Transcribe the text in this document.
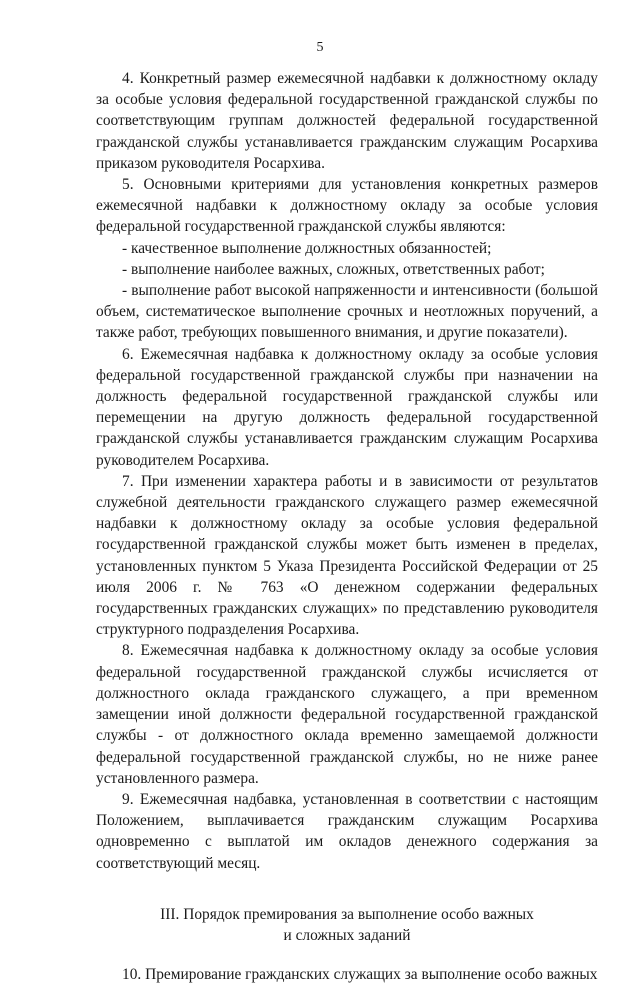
5

4. Конкретный размер ежемесячной надбавки к должностному окладу за особые условия федеральной государственной гражданской службы по соответствующим группам должностей федеральной государственной гражданской службы устанавливается гражданским служащим Росархива приказом руководителя Росархива.

5. Основными критериями для установления конкретных размеров ежемесячной надбавки к должностному окладу за особые условия федеральной государственной гражданской службы являются:

- качественное выполнение должностных обязанностей;

- выполнение наиболее важных, сложных, ответственных работ;

- выполнение работ высокой напряженности и интенсивности (большой объем, систематическое выполнение срочных и неотложных поручений, а также работ, требующих повышенного внимания, и другие показатели).

6. Ежемесячная надбавка к должностному окладу за особые условия федеральной государственной гражданской службы при назначении на должность федеральной государственной гражданской службы или перемещении на другую должность федеральной государственной гражданской службы устанавливается гражданским служащим Росархива руководителем Росархива.

7. При изменении характера работы и в зависимости от результатов служебной деятельности гражданского служащего размер ежемесячной надбавки к должностному окладу за особые условия федеральной государственной гражданской службы может быть изменен в пределах, установленных пунктом 5 Указа Президента Российской Федерации от 25 июля 2006 г. № 763 «О денежном содержании федеральных государственных гражданских служащих» по представлению руководителя структурного подразделения Росархива.

8. Ежемесячная надбавка к должностному окладу за особые условия федеральной государственной гражданской службы исчисляется от должностного оклада гражданского служащего, а при временном замещении иной должности федеральной государственной гражданской службы - от должностного оклада временно замещаемой должности федеральной государственной гражданской службы, но не ниже ранее установленного размера.

9. Ежемесячная надбавка, установленная в соответствии с настоящим Положением, выплачивается гражданским служащим Росархива одновременно с выплатой им окладов денежного содержания за соответствующий месяц.

III. Порядок премирования за выполнение особо важных
и сложных заданий

10. Премирование гражданских служащих за выполнение особо важных
